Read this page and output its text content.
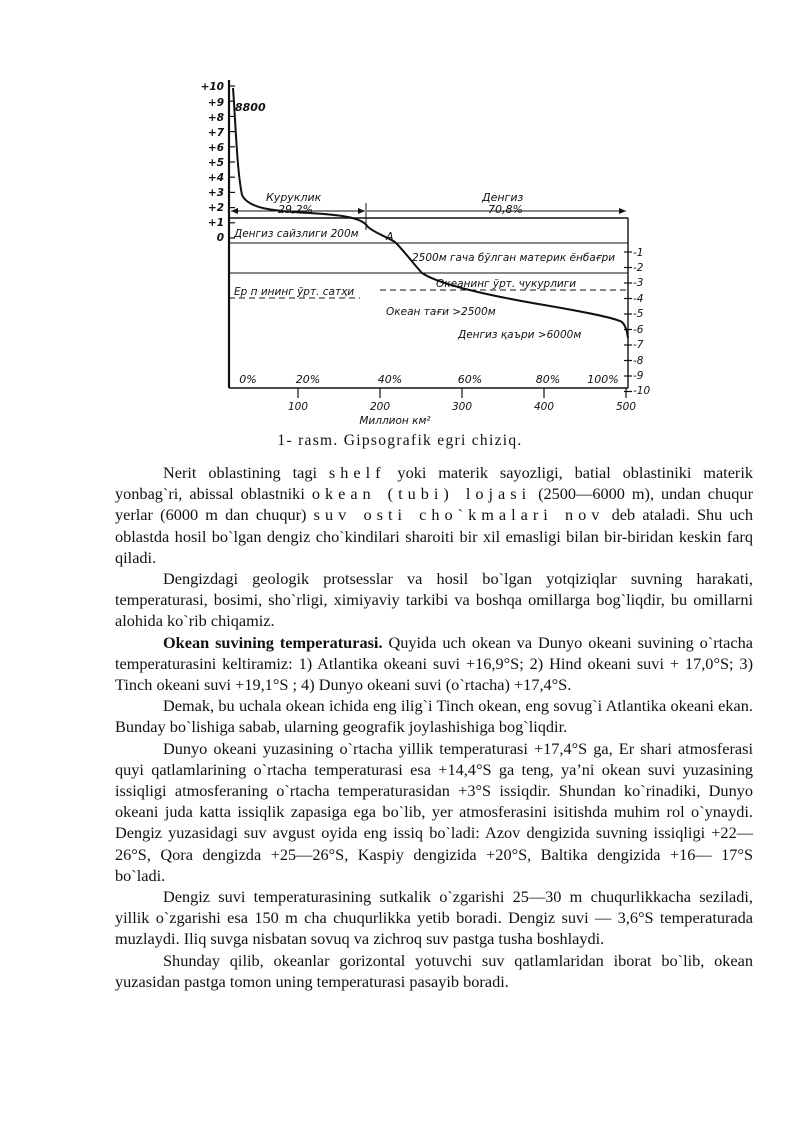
+10
+9
+8
+7
+6
+5
+4
+3
+2
+1
0
-1
-2
-3
-4
-5
-6
-7
-8
-9
-10
8800
Куруклик
29,2%
Денгиз
70,8%
Денгиз сайзлиги 200м A
2500м гача бўлган материк ёнбағри
Океанинг ўрт. чукурлиги
Ер п ининг ўрт. сатҳи
Океан тағи >2500м
Денгиз қаъри >6000м
0%	20%	40%	60%	80% 100%
100	200	300	400	500
Миллион км²
1- rasm. Gipsografik egri chiziq.

Nerit oblastining tagi shelf yoki materik sayozligi, batial oblastiniki materik yonbag`ri, abissal oblastniki okean (tubi) lojasi (2500—6000 m), undan chuqur yerlar (6000 m dan chuqur) suv osti cho`kmalari nov deb ataladi. Shu uch oblastda hosil bo`lgan dengiz cho`kindilari sharoiti bir xil emasligi bilan bir-biridan keskin farq qiladi.

Dengizdagi geologik protsesslar va hosil bo`lgan yotqiziqlar suvning harakati, temperaturasi, bosimi, sho`rligi, ximiyaviy tarkibi va boshqa omillarga bog`liqdir, bu omillarni alohida ko`rib chiqamiz.

Okean suvining temperaturasi. Quyida uch okean va Dunyo okeani suvining o`rtacha temperaturasini keltiramiz: 1) Atlantika okeani suvi +16,9°S; 2) Hind okeani suvi + 17,0°S; 3) Tinch okeani suvi +19,1°S ; 4) Dunyo okeani suvi (o`rtacha) +17,4°S.

Demak, bu uchala okean ichida eng ilig`i Tinch okean, eng sovug`i Atlantika okeani ekan. Bunday bo`lishiga sabab, ularning geografik joylashishiga bog`liqdir.

Dunyo okeani yuzasining o`rtacha yillik temperaturasi +17,4°S ga, Er shari atmosferasi quyi qatlamlarining o`rtacha temperaturasi esa +14,4°S ga teng, ya’ni okean suvi yuzasining issiqligi atmosferaning o`rtacha temperaturasidan +3°S issiqdir. Shundan ko`rinadiki, Dunyo okeani juda katta issiqlik zapasiga ega bo`lib, yer atmosferasini isitishda muhim rol o`ynaydi. Dengiz yuzasidagi suv avgust oyida eng issiq bo`ladi: Azov dengizida suvning issiqligi +22—26°S, Qora dengizda +25—26°S, Kaspiy dengizida +20°S, Baltika dengizida +16— 17°S bo`ladi.

Dengiz suvi temperaturasining sutkalik o`zgarishi 25—30 m chuqurlikkacha seziladi, yillik o`zgarishi esa 150 m cha chuqurlikka yetib boradi. Dengiz suvi — 3,6°S temperaturada muzlaydi. Iliq suvga nisbatan sovuq va zichroq suv pastga tusha boshlaydi.

Shunday qilib, okeanlar gorizontal yotuvchi suv qatlamlaridan iborat bo`lib, okean yuzasidan pastga tomon uning temperaturasi pasayib boradi.
